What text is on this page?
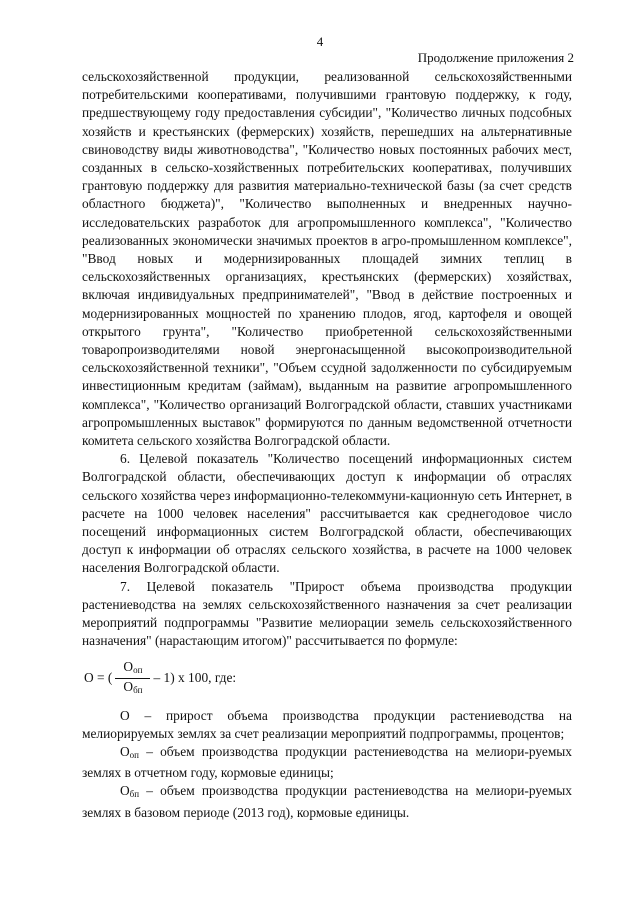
4
Продолжение приложения 2

сельскохозяйственной продукции, реализованной сельскохозяйственными потребительскими кооперативами, получившими грантовую поддержку, к году, предшествующему году предоставления субсидии", "Количество личных подсобных хозяйств и крестьянских (фермерских) хозяйств, перешедших на альтернативные свиноводству виды животноводства", "Количество новых постоянных рабочих мест, созданных в сельско-хозяйственных потребительских кооперативах, получивших грантовую поддержку для развития материально-технической базы (за счет средств областного бюджета)", "Количество выполненных и внедренных научно-исследовательских разработок для агропромышленного комплекса", "Количество реализованных экономически значимых проектов в агро-промышленном комплексе", "Ввод новых и модернизированных площадей зимних теплиц в сельскохозяйственных организациях, крестьянских (фермерских) хозяйствах, включая индивидуальных предпринимателей", "Ввод в действие построенных и модернизированных мощностей по хранению плодов, ягод, картофеля и овощей открытого грунта", "Количество приобретенной сельскохозяйственными товаропроизводителями новой энергонасыщенной высокопроизводительной сельскохозяйственной техники", "Объем ссудной задолженности по субсидируемым инвестиционным кредитам (займам), выданным на развитие агропромышленного комплекса", "Количество организаций Волгоградской области, ставших участниками агропромышленных выставок" формируются по данным ведомственной отчетности комитета сельского хозяйства Волгоградской области.

6. Целевой показатель "Количество посещений информационных систем Волгоградской области, обеспечивающих доступ к информации об отраслях сельского хозяйства через информационно-телекоммуни-кационную сеть Интернет, в расчете на 1000 человек населения" рассчитывается как среднегодовое число посещений информационных систем Волгоградской области, обеспечивающих доступ к информации об отраслях сельского хозяйства, в расчете на 1000 человек населения Волгоградской области.

7. Целевой показатель "Прирост объема производства продукции растениеводства на землях сельскохозяйственного назначения за счет реализации мероприятий подпрограммы "Развитие мелиорации земель сельскохозяйственного назначения" (нарастающим итогом)" рассчитывается по формуле:

О = ( $\frac{О_{оп}}{О_{бп}} - 1$) х 100, где:

О – прирост объема производства продукции растениеводства на мелиорируемых землях за счет реализации мероприятий подпрограммы, процентов;

$О_{оп}$ – объем производства продукции растениеводства на мелиори-руемых землях в отчетном году, кормовые единицы;

$О_{бп}$ – объем производства продукции растениеводства на мелиори-руемых землях в базовом периоде (2013 год), кормовые единицы.
